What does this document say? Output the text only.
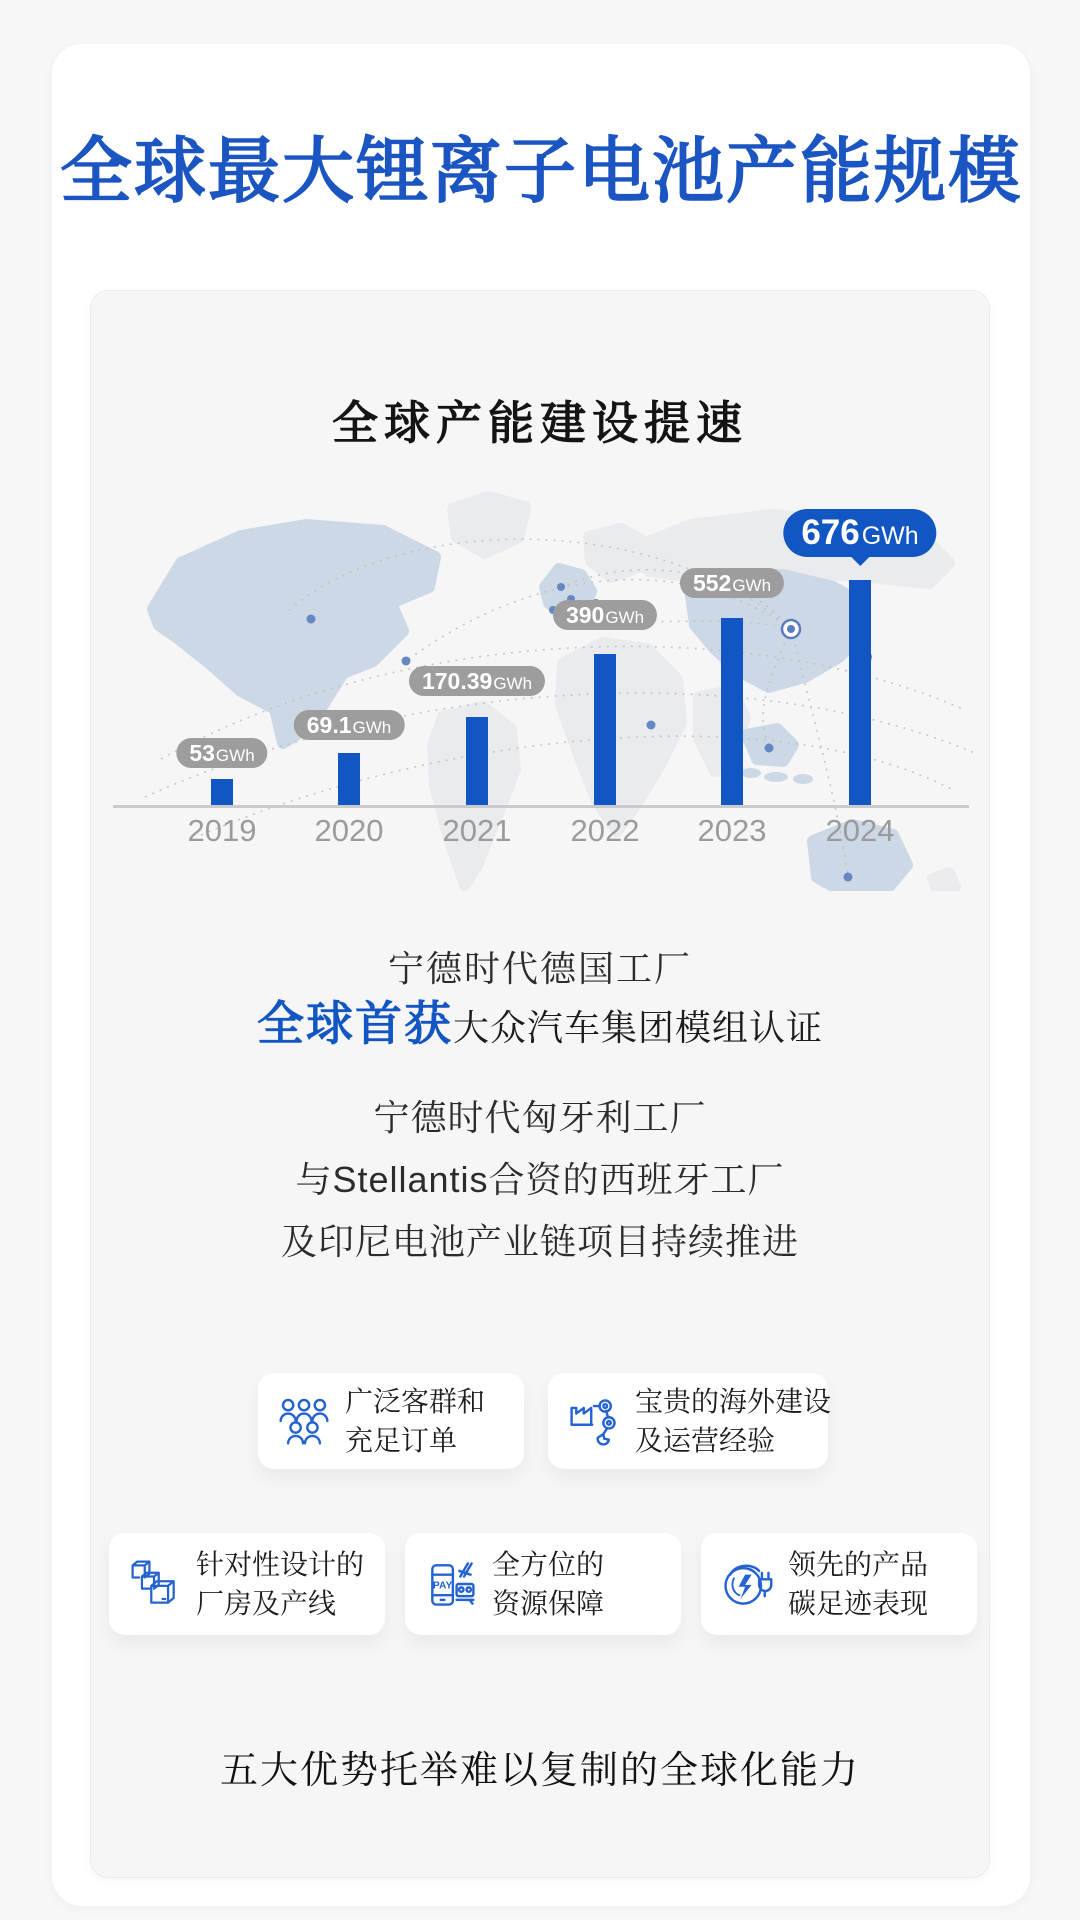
全球最大锂离子电池产能规模
全球产能建设提速
53GWh
2019
69.1GWh
2020
170.39GWh
2021
390GWh
2022
552GWh
2023
676GWh
2024

宁德时代德国工厂

全球首获大众汽车集团模组认证

宁德时代匈牙利工厂

与Stellantis合资的西班牙工厂

及印尼电池产业链项目持续推进

广泛客群和
充足订单
宝贵的海外建设
及运营经验
针对性设计的
厂房及产线
PAY
全方位的
资源保障
领先的产品
碳足迹表现

五大优势托举难以复制的全球化能力
